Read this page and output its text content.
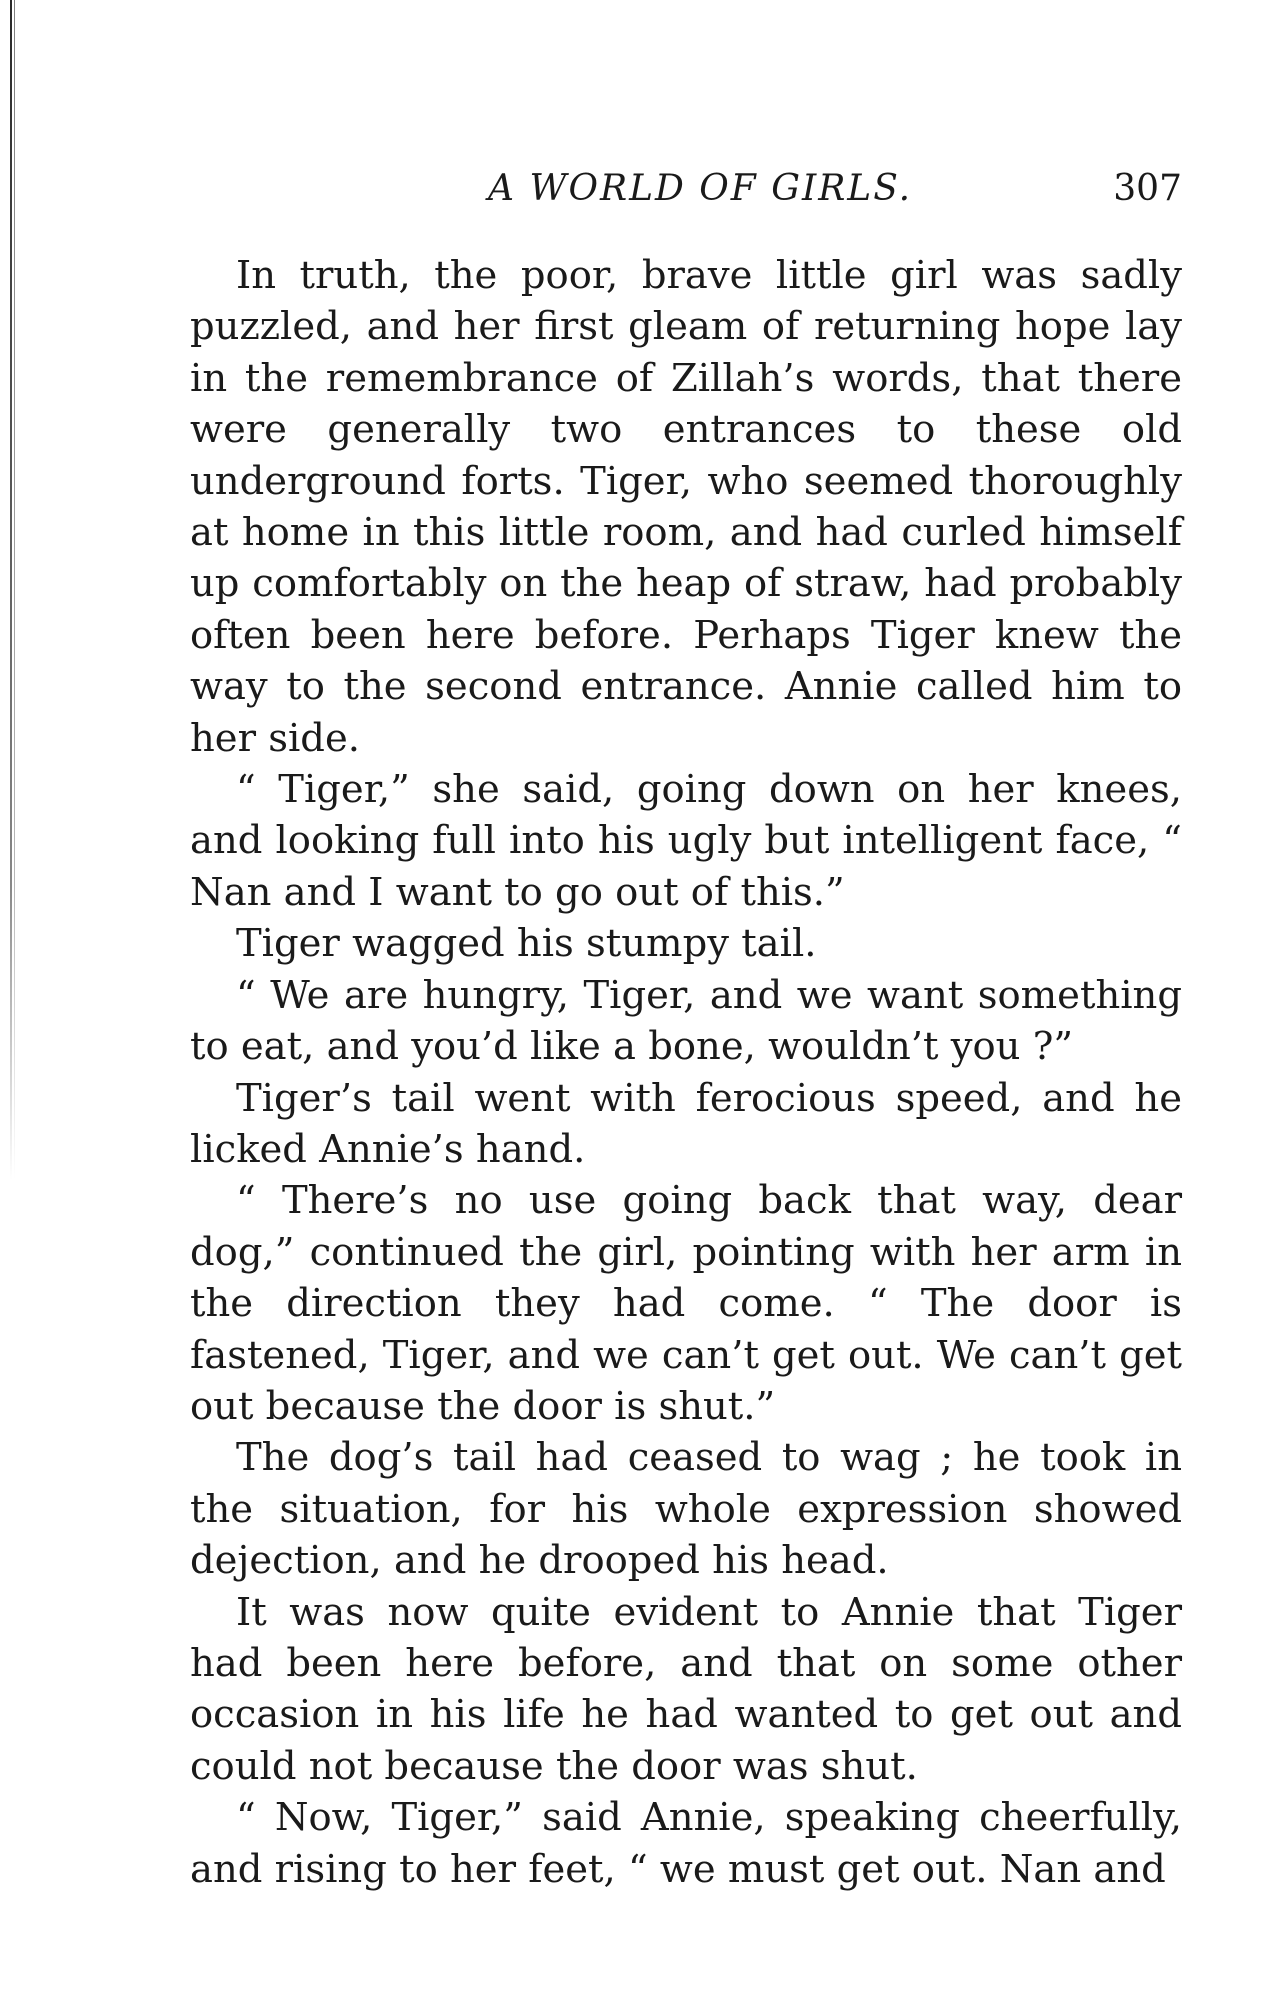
A WORLD OF GIRLS.	307

In truth, the poor, brave little girl was sadly puzzled, and her first gleam of returning hope lay in the remembrance of Zillah’s words, that there were generally two entrances to these old underground forts. Tiger, who seemed thoroughly at home in this little room, and had curled himself up comfortably on the heap of straw, had probably often been here before. Perhaps Tiger knew the way to the second entrance. Annie called him to her side.

“ Tiger,” she said, going down on her knees, and looking full into his ugly but intelligent face, “ Nan and I want to go out of this.”

Tiger wagged his stumpy tail.

“ We are hungry, Tiger, and we want something to eat, and you’d like a bone, wouldn’t you ?”

Tiger’s tail went with ferocious speed, and he licked Annie’s hand.

“ There’s no use going back that way, dear dog,” continued the girl, pointing with her arm in the direction they had come. “ The door is fastened, Tiger, and we can’t get out. We can’t get out because the door is shut.”

The dog’s tail had ceased to wag ; he took in the situation, for his whole expression showed dejection, and he drooped his head.

It was now quite evident to Annie that Tiger had been here before, and that on some other occasion in his life he had wanted to get out and could not because the door was shut.

“ Now, Tiger,” said Annie, speaking cheerfully, and rising to her feet, “ we must get out. Nan and
